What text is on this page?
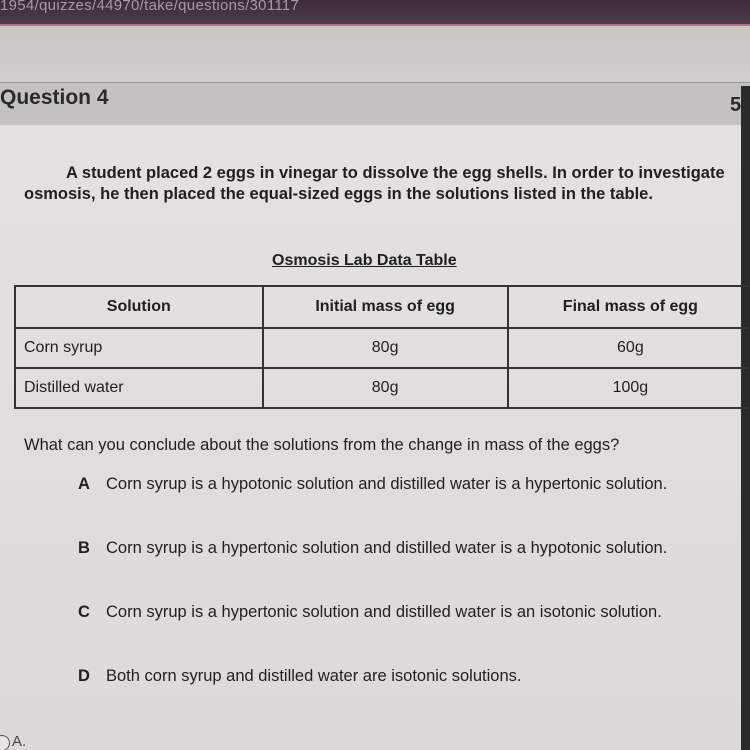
1954/quizzes/44970/take/questions/301117
Question 4	5
A student placed 2 eggs in vinegar to dissolve the egg shells. In order to investigate osmosis, he then placed the equal-sized eggs in the solutions listed in the table.
Osmosis Lab Data Table
Solution	Initial mass of egg	Final mass of egg
Corn syrup	80g	60g
Distilled water	80g	100g
What can you conclude about the solutions from the change in mass of the eggs?
A Corn syrup is a hypotonic solution and distilled water is a hypertonic solution.
B Corn syrup is a hypertonic solution and distilled water is a hypotonic solution.
C Corn syrup is a hypertonic solution and distilled water is an isotonic solution.
D Both corn syrup and distilled water are isotonic solutions.
A.
